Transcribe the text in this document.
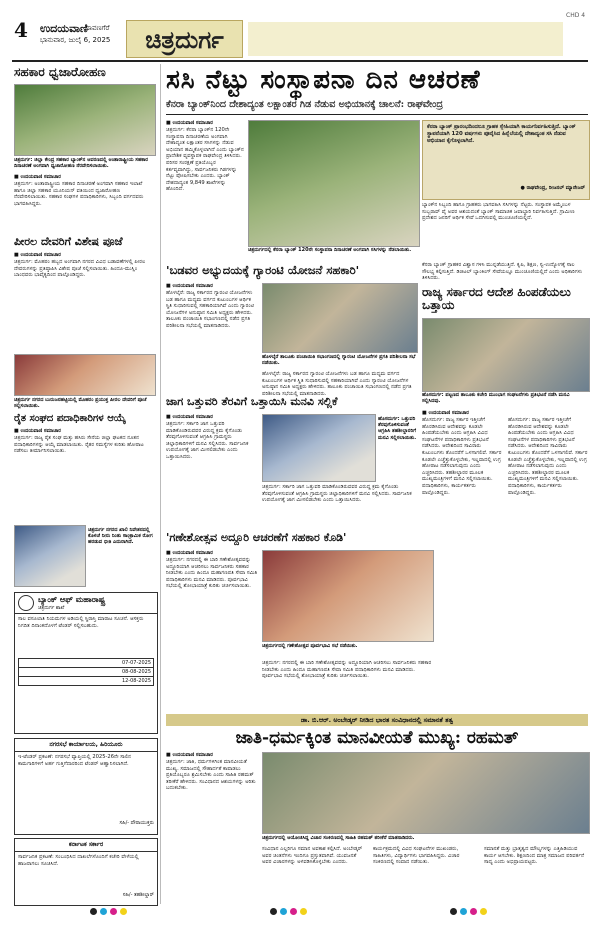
4 ಉದಯವಾಣಿ
ದಾವಣಗೆರೆ
ಭಾನುವಾರ, ಜುಲೈ 6, 2025	ಚಿತ್ರದುರ್ಗ
CHD 4
ಸಹಕಾರ ಧ್ವಜಾರೋಹಣ
ಚಿತ್ರದುರ್ಗ: ಜಿಲ್ಲಾ ಕೇಂದ್ರ ಸಹಕಾರ ಬ್ಯಾಂಕ್‌ನ ಆವರಣದಲ್ಲಿ ಅಂತಾರಾಷ್ಟ್ರೀಯ ಸಹಕಾರ ದಿನಾಚರಣೆ ಅಂಗವಾಗಿ ಧ್ವಜಾರೋಹಣ ನೆರವೇರಿಸಲಾಯಿತು.
■ ಉದಯವಾಣಿ ಸಮಾಚಾರ
ಚಿತ್ರದುರ್ಗ: ಅಂತಾರಾಷ್ಟ್ರೀಯ ಸಹಕಾರ ದಿನಾಚರಣೆ ಅಂಗವಾಗಿ ಸಹಕಾರ ಇಲಾಖೆ ಹಾಗೂ ಜಿಲ್ಲಾ ಸಹಕಾರ ಯೂನಿಯನ್ ವತಿಯಿಂದ ಧ್ವಜಾರೋಹಣ ನೆರವೇರಿಸಲಾಯಿತು. ಸಹಕಾರ ಸಂಘಗಳ ಪದಾಧಿಕಾರಿಗಳು, ಸಿಬ್ಬಂದಿ ವರ್ಗದವರು ಭಾಗವಹಿಸಿದ್ದರು.
ಪೀರಲ ದೇವರಿಗೆ ವಿಶೇಷ ಪೂಜೆ
■ ಉದಯವಾಣಿ ಸಮಾಚಾರ
ಚಿತ್ರದುರ್ಗ: ಮೊಹರಂ ಹಬ್ಬದ ಅಂಗವಾಗಿ ನಗರದ ವಿವಿಧ ಬಡಾವಣೆಗಳಲ್ಲಿ ಪೀರಲ ದೇವರುಗಳನ್ನು ಪ್ರತಿಷ್ಠಾಪಿಸಿ ವಿಶೇಷ ಪೂಜೆ ಸಲ್ಲಿಸಲಾಯಿತು. ಹಿಂದೂ-ಮುಸ್ಲಿಂ ಬಾಂಧವರು ಭಾವೈಕ್ಯದಿಂದ ಪಾಲ್ಗೊಂಡಿದ್ದರು.
ಚಿತ್ರದುರ್ಗ ನಗರದ ಬುರುಜನಹಟ್ಟಿಯಲ್ಲಿ ಮೊಹರಂ ಪ್ರಯುಕ್ತ ಪೀರಲ ದೇವರಿಗೆ ಪೂಜೆ ಸಲ್ಲಿಸಲಾಯಿತು.
ರೈತ ಸಂಘದ ಪದಾಧಿಕಾರಿಗಳ ಆಯ್ಕೆ
■ ಉದಯವಾಣಿ ಸಮಾಚಾರ
ಚಿತ್ರದುರ್ಗ: ರಾಜ್ಯ ರೈತ ಸಂಘ ಮತ್ತು ಹಸಿರು ಸೇನೆಯ ಜಿಲ್ಲಾ ಘಟಕದ ನೂತನ ಪದಾಧಿಕಾರಿಗಳನ್ನು ಆಯ್ಕೆ ಮಾಡಲಾಯಿತು. ರೈತರ ಸಮಸ್ಯೆಗಳ ಕುರಿತು ಹೋರಾಟ ನಡೆಸಲು ತೀರ್ಮಾನಿಸಲಾಯಿತು.
ಚಿತ್ರದುರ್ಗ ನಗರದ ಖಾಲಿ ನಿವೇಶನದಲ್ಲಿ ಕೊಳಚೆ ನೀರು ನಿಂತು ಸಾಂಕ್ರಾಮಿಕ ರೋಗ ಹರಡುವ ಭೀತಿ ಎದುರಾಗಿದೆ.
ಬ್ಯಾಂಕ್ ಆಫ್ ಮಹಾರಾಷ್ಟ್ರ
ಚಿತ್ರದುರ್ಗ ಶಾಖೆ
ಸಾಲ ವಸೂಲಾತಿ ನಿಯಮಗಳ ಅಡಿಯಲ್ಲಿ ಸ್ಥಿರಾಸ್ತಿ ಮಾರಾಟ ಸೂಚನೆ. ಆಸಕ್ತರು ನಿಗದಿತ ದಿನಾಂಕದೊಳಗೆ ಟೆಂಡರ್ ಸಲ್ಲಿಸಬಹುದು.
07-07-2025
08-08-2025
12-08-2025
ನಗರಸಭೆ ಕಾರ್ಯಾಲಯ, ಹಿರಿಯೂರು
ಇ-ಟೆಂಡರ್ ಪ್ರಕಟಣೆ: ನಗರಸಭೆ ವ್ಯಾಪ್ತಿಯಲ್ಲಿ 2025-26ನೇ ಸಾಲಿನ ಕಾಮಗಾರಿಗಳಿಗೆ ಅರ್ಹ ಗುತ್ತಿಗೆದಾರರಿಂದ ಟೆಂಡರ್ ಆಹ್ವಾನಿಸಲಾಗಿದೆ.
ಸಹಿ/- ಪೌರಾಯುಕ್ತರು
ಕರ್ನಾಟಕ ಸರ್ಕಾರ
ಸಾರ್ವಜನಿಕ ಪ್ರಕಟಣೆ: ಸಂಬಂಧಿಸಿದ ದಾಖಲೆಗಳೊಂದಿಗೆ ಕಚೇರಿ ವೇಳೆಯಲ್ಲಿ ಹಾಜರಾಗಲು ಸೂಚಿಸಿದೆ.
ಸಹಿ/- ತಹಶೀಲ್ದಾರ್
ಸಸಿ ನೆಟ್ಟು ಸಂಸ್ಥಾಪನಾ ದಿನ ಆಚರಣೆ
ಕೆನರಾ ಬ್ಯಾಂಕ್‌ನಿಂದ ದೇಶಾದ್ಯಂತ ಲಕ್ಷಾಂತರ ಗಿಡ ನೆಡುವ ಅಭಿಯಾನಕ್ಕೆ ಚಾಲನೆ: ರಾಘವೇಂದ್ರ
■ ಉದಯವಾಣಿ ಸಮಾಚಾರ
ಚಿತ್ರದುರ್ಗ: ಕೆನರಾ ಬ್ಯಾಂಕ್‌ನ 120ನೇ ಸಂಸ್ಥಾಪನಾ ದಿನಾಚರಣೆಯ ಅಂಗವಾಗಿ ದೇಶಾದ್ಯಂತ ಲಕ್ಷಾಂತರ ಸಸಿಗಳನ್ನು ನೆಡುವ ಅಭಿಯಾನ ಹಮ್ಮಿಕೊಳ್ಳಲಾಗಿದೆ ಎಂದು ಬ್ಯಾಂಕ್‌ನ ಪ್ರಾದೇಶಿಕ ವ್ಯವಸ್ಥಾಪಕ ರಾಘವೇಂದ್ರ ತಿಳಿಸಿದರು. ಪರಿಸರ ಸಂರಕ್ಷಣೆ ಪ್ರತಿಯೊಬ್ಬರ ಕರ್ತವ್ಯವಾಗಿದ್ದು, ಸಾರ್ವಜನಿಕರು ಗಿಡಗಳನ್ನು ನೆಟ್ಟು ಪೋಷಿಸಬೇಕು ಎಂದರು. ಬ್ಯಾಂಕ್ ದೇಶದಾದ್ಯಂತ 9,849 ಶಾಖೆಗಳನ್ನು ಹೊಂದಿದೆ.
ಚಿತ್ರದುರ್ಗದಲ್ಲಿ ಕೆನರಾ ಬ್ಯಾಂಕ್ 120ನೇ ಸಂಸ್ಥಾಪನಾ ದಿನಾಚರಣೆ ಅಂಗವಾಗಿ ಸಸಿಗಳನ್ನು ನೆಡಲಾಯಿತು.
ಕೆನರಾ ಬ್ಯಾಂಕ್ ಪ್ರಾರಂಭದಿಂದಲೂ ಗ್ರಾಹಕ ಸ್ನೇಹಿಯಾಗಿ ಕಾರ್ಯನಿರ್ವಹಿಸುತ್ತಿದೆ. ಬ್ಯಾಂಕ್ ಸ್ಥಾಪನೆಯಾಗಿ 120 ವರ್ಷಗಳು ಪೂರೈಸಿದ ಹಿನ್ನೆಲೆಯಲ್ಲಿ ದೇಶಾದ್ಯಂತ ಸಸಿ ನೆಡುವ ಅಭಿಯಾನ ಕೈಗೊಳ್ಳಲಾಗಿದೆ.
● ರಾಘವೇಂದ್ರ, ರೀಜನಲ್ ಮ್ಯಾನೇಜರ್
ಬ್ಯಾಂಕ್‌ನ ಸಿಬ್ಬಂದಿ ಹಾಗೂ ಗ್ರಾಹಕರು ಭಾಗವಹಿಸಿ ಸಸಿಗಳನ್ನು ನೆಟ್ಟರು. ಸಂಸ್ಥಾಪಕ ಅಮ್ಮೆಂಬಳ ಸುಬ್ಬರಾವ್ ಪೈ ಅವರ ಆಶಯದಂತೆ ಬ್ಯಾಂಕ್ ಸಾಮಾಜಿಕ ಜವಾಬ್ದಾರಿ ನಿರ್ವಹಿಸುತ್ತಿದೆ. ಗ್ರಾಮೀಣ ಪ್ರದೇಶದ ಜನರಿಗೆ ಆರ್ಥಿಕ ಸೇವೆ ಒದಗಿಸುವಲ್ಲಿ ಮುಂಚೂಣಿಯಲ್ಲಿದೆ.
'ಬಡವರ ಅಭ್ಯುದಯಕ್ಕೆ ಗ್ಯಾರಂಟಿ ಯೋಜನೆ ಸಹಕಾರಿ'
■ ಉದಯವಾಣಿ ಸಮಾಚಾರ
ಹೊಳಲ್ಕೆರೆ: ರಾಜ್ಯ ಸರ್ಕಾರದ ಗ್ಯಾರಂಟಿ ಯೋಜನೆಗಳು ಬಡ ಹಾಗೂ ಮಧ್ಯಮ ವರ್ಗದ ಕುಟುಂಬಗಳ ಆರ್ಥಿಕ ಸ್ಥಿತಿ ಸುಧಾರಿಸುವಲ್ಲಿ ಸಹಕಾರಿಯಾಗಿವೆ ಎಂದು ಗ್ಯಾರಂಟಿ ಯೋಜನೆಗಳ ಅನುಷ್ಠಾನ ಸಮಿತಿ ಅಧ್ಯಕ್ಷರು ಹೇಳಿದರು. ತಾಲೂಕು ಪಂಚಾಯಿತಿ ಸಭಾಂಗಣದಲ್ಲಿ ನಡೆದ ಪ್ರಗತಿ ಪರಿಶೀಲನಾ ಸಭೆಯಲ್ಲಿ ಮಾತನಾಡಿದರು.
ಹೊಳಲ್ಕೆರೆ ತಾಲೂಕು ಪಂಚಾಯಿತಿ ಸಭಾಂಗಣದಲ್ಲಿ ಗ್ಯಾರಂಟಿ ಯೋಜನೆಗಳ ಪ್ರಗತಿ ಪರಿಶೀಲನಾ ಸಭೆ ನಡೆಯಿತು.
ಹೊಳಲ್ಕೆರೆ: ರಾಜ್ಯ ಸರ್ಕಾರದ ಗ್ಯಾರಂಟಿ ಯೋಜನೆಗಳು ಬಡ ಹಾಗೂ ಮಧ್ಯಮ ವರ್ಗದ ಕುಟುಂಬಗಳ ಆರ್ಥಿಕ ಸ್ಥಿತಿ ಸುಧಾರಿಸುವಲ್ಲಿ ಸಹಕಾರಿಯಾಗಿವೆ ಎಂದು ಗ್ಯಾರಂಟಿ ಯೋಜನೆಗಳ ಅನುಷ್ಠಾನ ಸಮಿತಿ ಅಧ್ಯಕ್ಷರು ಹೇಳಿದರು. ತಾಲೂಕು ಪಂಚಾಯಿತಿ ಸಭಾಂಗಣದಲ್ಲಿ ನಡೆದ ಪ್ರಗತಿ ಪರಿಶೀಲನಾ ಸಭೆಯಲ್ಲಿ ಮಾತನಾಡಿದರು.
ಜಾಗ ಒತ್ತುವರಿ ತೆರವಿಗೆ ಒತ್ತಾಯಿಸಿ ಮನವಿ ಸಲ್ಲಿಕೆ
■ ಉದಯವಾಣಿ ಸಮಾಚಾರ
ಚಿತ್ರದುರ್ಗ: ಸರ್ಕಾರಿ ಜಾಗ ಒತ್ತುವರಿ ಮಾಡಿಕೊಂಡಿರುವವರ ವಿರುದ್ಧ ಕ್ರಮ ಕೈಗೊಂಡು ತೆರವುಗೊಳಿಸುವಂತೆ ಆಗ್ರಹಿಸಿ ಗ್ರಾಮಸ್ಥರು ಜಿಲ್ಲಾಧಿಕಾರಿಗಳಿಗೆ ಮನವಿ ಸಲ್ಲಿಸಿದರು. ಸಾರ್ವಜನಿಕ ಉಪಯೋಗಕ್ಕೆ ಜಾಗ ಮೀಸಲಿಡಬೇಕು ಎಂದು ಒತ್ತಾಯಿಸಿದರು.
ಹೊಸದುರ್ಗ: ಒತ್ತುವರಿ ತೆರವುಗೊಳಿಸುವಂತೆ ಆಗ್ರಹಿಸಿ ತಹಶೀಲ್ದಾರರಿಗೆ ಮನವಿ ಸಲ್ಲಿಸಲಾಯಿತು.
ಚಿತ್ರದುರ್ಗ: ಸರ್ಕಾರಿ ಜಾಗ ಒತ್ತುವರಿ ಮಾಡಿಕೊಂಡಿರುವವರ ವಿರುದ್ಧ ಕ್ರಮ ಕೈಗೊಂಡು ತೆರವುಗೊಳಿಸುವಂತೆ ಆಗ್ರಹಿಸಿ ಗ್ರಾಮಸ್ಥರು ಜಿಲ್ಲಾಧಿಕಾರಿಗಳಿಗೆ ಮನವಿ ಸಲ್ಲಿಸಿದರು. ಸಾರ್ವಜನಿಕ ಉಪಯೋಗಕ್ಕೆ ಜಾಗ ಮೀಸಲಿಡಬೇಕು ಎಂದು ಒತ್ತಾಯಿಸಿದರು.
'ಗಣೇಶೋತ್ಸವ ಅದ್ದೂರಿ ಆಚರಣೆಗೆ ಸಹಕಾರ ಕೊಡಿ'
■ ಉದಯವಾಣಿ ಸಮಾಚಾರ
ಚಿತ್ರದುರ್ಗ: ನಗರದಲ್ಲಿ ಈ ಬಾರಿ ಗಣೇಶೋತ್ಸವವನ್ನು ಅದ್ದೂರಿಯಾಗಿ ಆಚರಿಸಲು ಸಾರ್ವಜನಿಕರು ಸಹಕಾರ ನೀಡಬೇಕು ಎಂದು ಹಿಂದೂ ಮಹಾಗಣಪತಿ ಸೇವಾ ಸಮಿತಿ ಪದಾಧಿಕಾರಿಗಳು ಮನವಿ ಮಾಡಿದರು. ಪೂರ್ವಭಾವಿ ಸಭೆಯಲ್ಲಿ ಶೋಭಾಯಾತ್ರೆ ಕುರಿತು ಚರ್ಚಿಸಲಾಯಿತು.
ಚಿತ್ರದುರ್ಗದಲ್ಲಿ ಗಣೇಶೋತ್ಸವ ಪೂರ್ವಭಾವಿ ಸಭೆ ನಡೆಯಿತು.
ಚಿತ್ರದುರ್ಗ: ನಗರದಲ್ಲಿ ಈ ಬಾರಿ ಗಣೇಶೋತ್ಸವವನ್ನು ಅದ್ದೂರಿಯಾಗಿ ಆಚರಿಸಲು ಸಾರ್ವಜನಿಕರು ಸಹಕಾರ ನೀಡಬೇಕು ಎಂದು ಹಿಂದೂ ಮಹಾಗಣಪತಿ ಸೇವಾ ಸಮಿತಿ ಪದಾಧಿಕಾರಿಗಳು ಮನವಿ ಮಾಡಿದರು. ಪೂರ್ವಭಾವಿ ಸಭೆಯಲ್ಲಿ ಶೋಭಾಯಾತ್ರೆ ಕುರಿತು ಚರ್ಚಿಸಲಾಯಿತು.
ಕೆನರಾ ಬ್ಯಾಂಕ್ ಗ್ರಾಹಕರ ವಿಶ್ವಾಸ ಗಳಿಸಿ ಮುನ್ನಡೆಯುತ್ತಿದೆ. ಕೃಷಿ, ಶಿಕ್ಷಣ, ಸ್ವ-ಉದ್ಯೋಗಕ್ಕೆ ಸಾಲ ಸೌಲಭ್ಯ ಕಲ್ಪಿಸುತ್ತಿದೆ. ಡಿಜಿಟಲ್ ಬ್ಯಾಂಕಿಂಗ್ ಸೇವೆಯಲ್ಲೂ ಮುಂಚೂಣಿಯಲ್ಲಿದೆ ಎಂದು ಅಧಿಕಾರಿಗಳು ತಿಳಿಸಿದರು.
ರಾಜ್ಯ ಸರ್ಕಾರದ ಆದೇಶ ಹಿಂಪಡೆಯಲು ಒತ್ತಾಯ
ಹೊಸದುರ್ಗ: ಪಟ್ಟಣದ ತಾಲೂಕು ಕಚೇರಿ ಮುಂಭಾಗ ಸಂಘಟನೆಗಳು ಪ್ರತಿಭಟನೆ ನಡೆಸಿ ಮನವಿ ಸಲ್ಲಿಸಿದವು.
■ ಉದಯವಾಣಿ ಸಮಾಚಾರ
ಹೊಸದುರ್ಗ: ರಾಜ್ಯ ಸರ್ಕಾರ ಇತ್ತೀಚೆಗೆ ಹೊರಡಿಸಿರುವ ಆದೇಶವನ್ನು ಕೂಡಲೇ ಹಿಂಪಡೆಯಬೇಕು ಎಂದು ಆಗ್ರಹಿಸಿ ವಿವಿಧ ಸಂಘಟನೆಗಳ ಪದಾಧಿಕಾರಿಗಳು ಪ್ರತಿಭಟನೆ ನಡೆಸಿದರು. ಆದೇಶದಿಂದ ಸಾವಿರಾರು ಕುಟುಂಬಗಳು ತೊಂದರೆಗೆ ಒಳಗಾಗಲಿವೆ. ಸರ್ಕಾರ ಕೂಡಲೇ ಎಚ್ಚೆತ್ತುಕೊಳ್ಳಬೇಕು, ಇಲ್ಲವಾದಲ್ಲಿ ಉಗ್ರ ಹೋರಾಟ ನಡೆಸಲಾಗುವುದು ಎಂದು ಎಚ್ಚರಿಸಿದರು. ತಹಶೀಲ್ದಾರರ ಮೂಲಕ ಮುಖ್ಯಮಂತ್ರಿಗಳಿಗೆ ಮನವಿ ಸಲ್ಲಿಸಲಾಯಿತು. ಪದಾಧಿಕಾರಿಗಳು, ಕಾರ್ಯಕರ್ತರು ಪಾಲ್ಗೊಂಡಿದ್ದರು.
ಹೊಸದುರ್ಗ: ರಾಜ್ಯ ಸರ್ಕಾರ ಇತ್ತೀಚೆಗೆ ಹೊರಡಿಸಿರುವ ಆದೇಶವನ್ನು ಕೂಡಲೇ ಹಿಂಪಡೆಯಬೇಕು ಎಂದು ಆಗ್ರಹಿಸಿ ವಿವಿಧ ಸಂಘಟನೆಗಳ ಪದಾಧಿಕಾರಿಗಳು ಪ್ರತಿಭಟನೆ ನಡೆಸಿದರು. ಆದೇಶದಿಂದ ಸಾವಿರಾರು ಕುಟುಂಬಗಳು ತೊಂದರೆಗೆ ಒಳಗಾಗಲಿವೆ. ಸರ್ಕಾರ ಕೂಡಲೇ ಎಚ್ಚೆತ್ತುಕೊಳ್ಳಬೇಕು, ಇಲ್ಲವಾದಲ್ಲಿ ಉಗ್ರ ಹೋರಾಟ ನಡೆಸಲಾಗುವುದು ಎಂದು ಎಚ್ಚರಿಸಿದರು. ತಹಶೀಲ್ದಾರರ ಮೂಲಕ ಮುಖ್ಯಮಂತ್ರಿಗಳಿಗೆ ಮನವಿ ಸಲ್ಲಿಸಲಾಯಿತು. ಪದಾಧಿಕಾರಿಗಳು, ಕಾರ್ಯಕರ್ತರು ಪಾಲ್ಗೊಂಡಿದ್ದರು.
ಡಾ. ಬಿ.ಆರ್. ಅಂಬೇಡ್ಕರ್ ನೀಡಿದ ಭಾರತ ಸಂವಿಧಾನದಲ್ಲಿ ಸಮಾನತೆ ತತ್ವ
ಜಾತಿ-ಧರ್ಮಕ್ಕಿಂತ ಮಾನವೀಯತೆ ಮುಖ್ಯ: ರಹಮತ್
■ ಉದಯವಾಣಿ ಸಮಾಚಾರ
ಚಿತ್ರದುರ್ಗ: ಜಾತಿ, ಧರ್ಮಗಳಿಗಿಂತ ಮಾನವೀಯತೆ ಮುಖ್ಯ. ಸಮಾಜದಲ್ಲಿ ಸೌಹಾರ್ದತೆ ಕಾಪಾಡಲು ಪ್ರತಿಯೊಬ್ಬರೂ ಶ್ರಮಿಸಬೇಕು ಎಂದು ಸಾಹಿತಿ ರಹಮತ್ ತರೀಕೆರೆ ಹೇಳಿದರು. ಸಂವಿಧಾನದ ಆಶಯಗಳನ್ನು ಅರಿತು ಬದುಕಬೇಕು.
ಚಿತ್ರದುರ್ಗದಲ್ಲಿ ಆಯೋಜಿಸಿದ್ದ ವಿಚಾರ ಸಂಕಿರಣದಲ್ಲಿ ಸಾಹಿತಿ ರಹಮತ್ ತರೀಕೆರೆ ಮಾತನಾಡಿದರು.
ಸಂವಿಧಾನ ಎಲ್ಲರಿಗೂ ಸಮಾನ ಅವಕಾಶ ಕಲ್ಪಿಸಿದೆ. ಅಂಬೇಡ್ಕರ್ ಅವರ ಚಿಂತನೆಗಳು ಇಂದಿಗೂ ಪ್ರಸ್ತುತವಾಗಿವೆ. ಯುವಜನತೆ ಅವರ ವಿಚಾರಗಳನ್ನು ಅಳವಡಿಸಿಕೊಳ್ಳಬೇಕು ಎಂದರು.
ಕಾರ್ಯಕ್ರಮದಲ್ಲಿ ವಿವಿಧ ಸಂಘಟನೆಗಳ ಮುಖಂಡರು, ಸಾಹಿತಿಗಳು, ವಿದ್ಯಾರ್ಥಿಗಳು ಭಾಗವಹಿಸಿದ್ದರು. ವಿಚಾರ ಸಂಕಿರಣದಲ್ಲಿ ಸಂವಾದ ನಡೆಯಿತು.
ಸಮಾನತೆ ಮತ್ತು ಭ್ರಾತೃತ್ವದ ಮೌಲ್ಯಗಳನ್ನು ಎತ್ತಿಹಿಡಿಯುವ ಕಾರ್ಯ ಆಗಬೇಕು. ಶಿಕ್ಷಣದಿಂದ ಮಾತ್ರ ಸಮಾಜದ ಪರಿವರ್ತನೆ ಸಾಧ್ಯ ಎಂದು ಅಭಿಪ್ರಾಯಪಟ್ಟರು.
